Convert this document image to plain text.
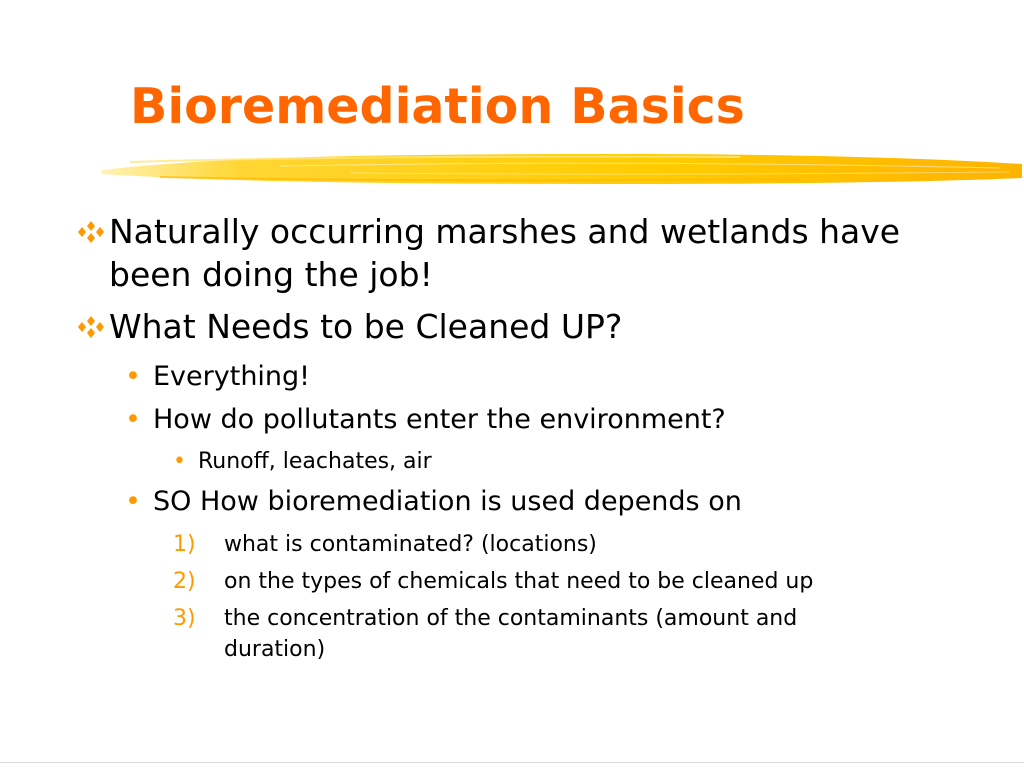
Bioremediation Basics
Naturally occurring marshes and wetlands have
been doing the job!
What Needs to be Cleaned UP?
• Everything!
• How do pollutants enter the environment?
• Runoff, leachates, air
• SO How bioremediation is used depends on
1) what is contaminated? (locations)
2) on the types of chemicals that need to be cleaned up
3) the concentration of the contaminants (amount and
duration)
